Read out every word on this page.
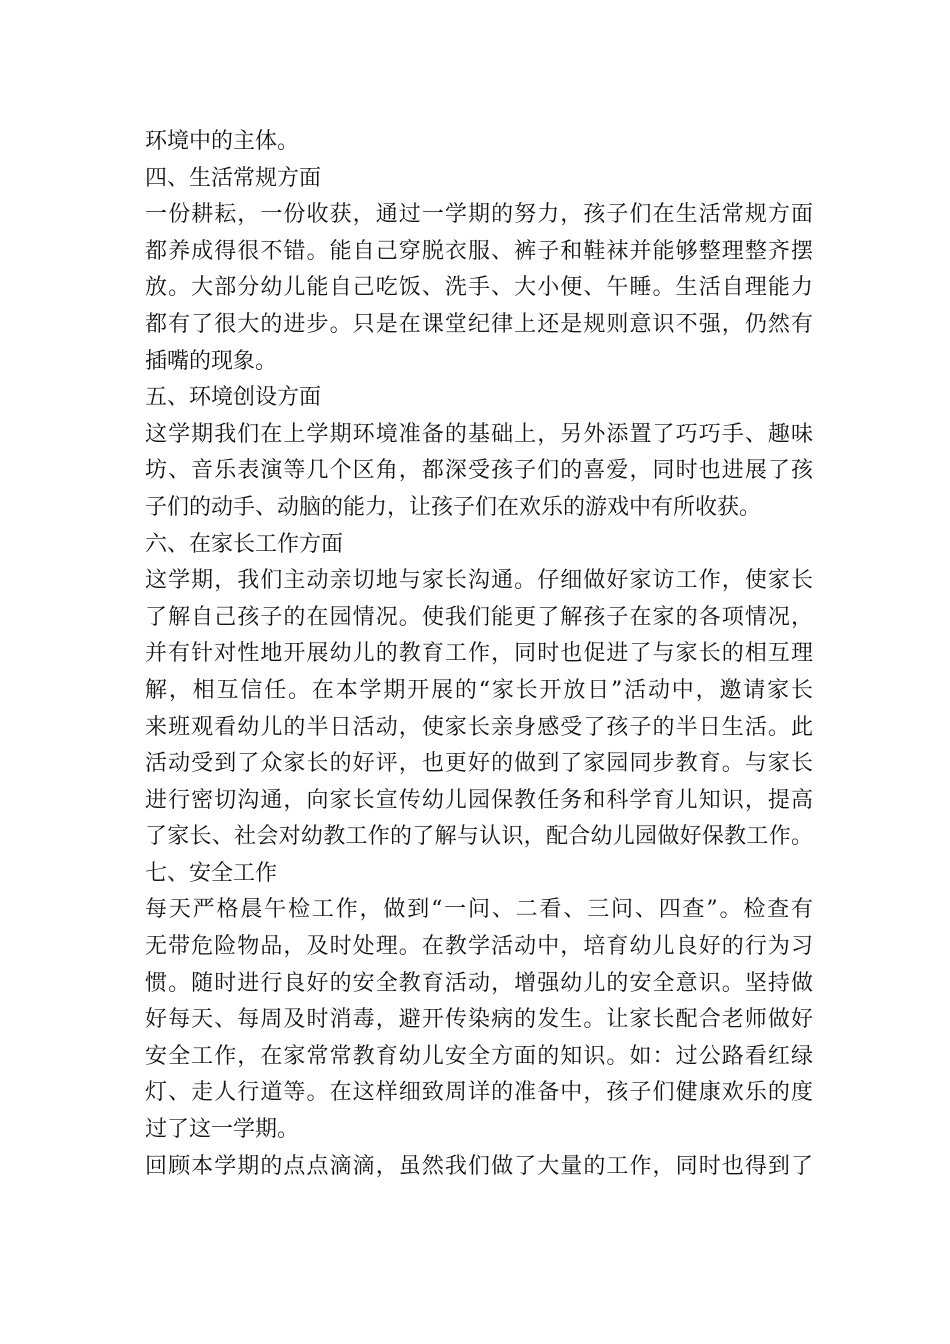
环境中的主体。
四、生活常规方面
一份耕耘，一份收获，通过一学期的努力，孩子们在生活常规方面
都养成得很不错。能自己穿脱衣服、裤子和鞋袜并能够整理整齐摆
放。大部分幼儿能自己吃饭、洗手、大小便、午睡。生活自理能力
都有了很大的进步。只是在课堂纪律上还是规则意识不强，仍然有
插嘴的现象。
五、环境创设方面
这学期我们在上学期环境准备的基础上，另外添置了巧巧手、趣味
坊、音乐表演等几个区角，都深受孩子们的喜爱，同时也进展了孩
子们的动手、动脑的能力，让孩子们在欢乐的游戏中有所收获。
六、在家长工作方面
这学期，我们主动亲切地与家长沟通。仔细做好家访工作，使家长
了解自己孩子的在园情况。使我们能更了解孩子在家的各项情况，
并有针对性地开展幼儿的教育工作，同时也促进了与家长的相互理
解，相互信任。在本学期开展的“家长开放日”活动中，邀请家长
来班观看幼儿的半日活动，使家长亲身感受了孩子的半日生活。此
活动受到了众家长的好评，也更好的做到了家园同步教育。与家长
进行密切沟通，向家长宣传幼儿园保教任务和科学育儿知识，提高
了家长、社会对幼教工作的了解与认识，配合幼儿园做好保教工作。
七、安全工作
每天严格晨午检工作，做到“一问、二看、三问、四查”。检查有
无带危险物品，及时处理。在教学活动中，培育幼儿良好的行为习
惯。随时进行良好的安全教育活动，增强幼儿的安全意识。坚持做
好每天、每周及时消毒，避开传染病的发生。让家长配合老师做好
安全工作，在家常常教育幼儿安全方面的知识。如：过公路看红绿
灯、走人行道等。在这样细致周详的准备中，孩子们健康欢乐的度
过了这一学期。
回顾本学期的点点滴滴，虽然我们做了大量的工作，同时也得到了
